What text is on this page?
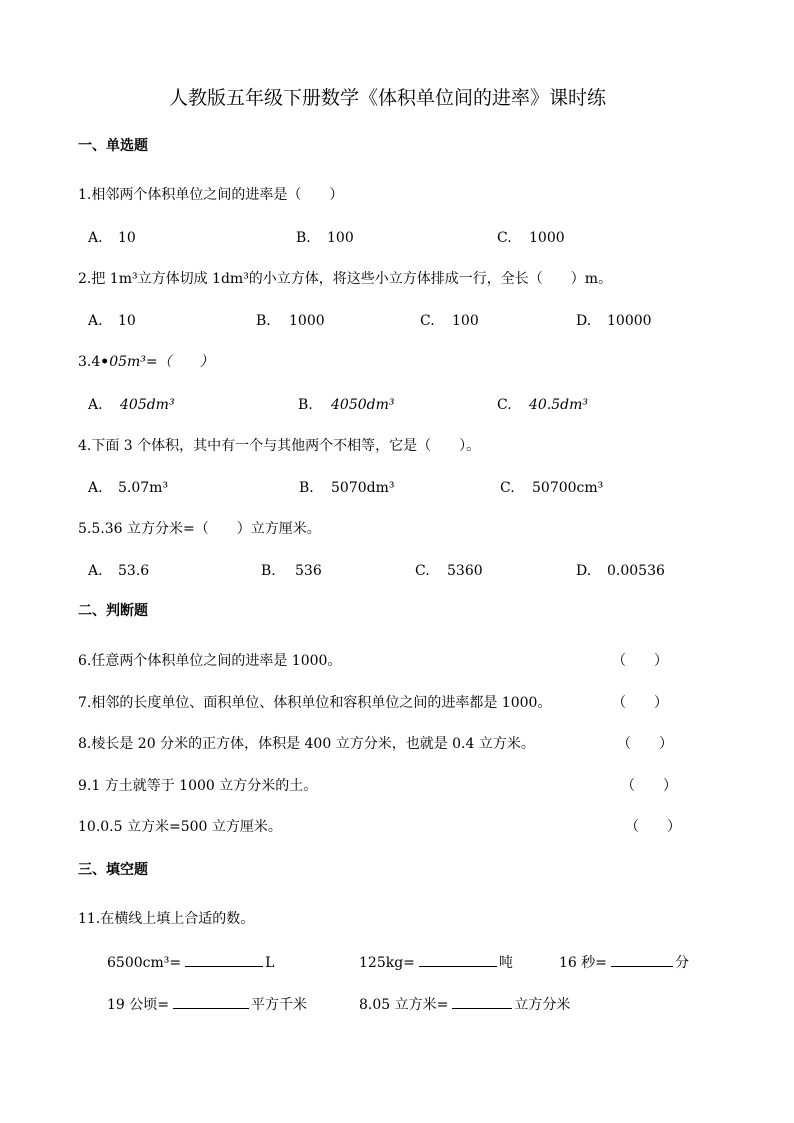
人教版五年级下册数学《体积单位间的进率》课时练
一、单选题
1.相邻两个体积单位之间的进率是（　　）
A. 10	B. 100	C. 1000
2.把 1m³立方体切成 1dm³的小立方体，将这些小立方体排成一行，全长（　　）m。
A. 10	B. 1000	C. 100	D. 10000
3.4•05m³=（　　）
A. 405dm³	B. 4050dm³	C. 40.5dm³
4.下面 3 个体积，其中有一个与其他两个不相等，它是（　　）。
A. 5.07m³	B. 5070dm³	C. 50700cm³
5.5.36 立方分米=（　　）立方厘米。
A. 53.6	B. 536	C. 5360	D. 0.00536
二、判断题
6.任意两个体积单位之间的进率是 1000。	（　　）
7.相邻的长度单位、面积单位、体积单位和容积单位之间的进率都是 1000。	（　　）
8.棱长是 20 分米的正方体，体积是 400 立方分米，也就是 0.4 立方米。	（　　）
9.1 方土就等于 1000 立方分米的土。	（　　）
10.0.5 立方米=500 立方厘米。	（　　）
三、填空题
11.在横线上填上合适的数。
6500cm³=	L	125kg=	吨	16 秒=	分
19 公顷=	平方千米	8.05 立方米=	立方分米
